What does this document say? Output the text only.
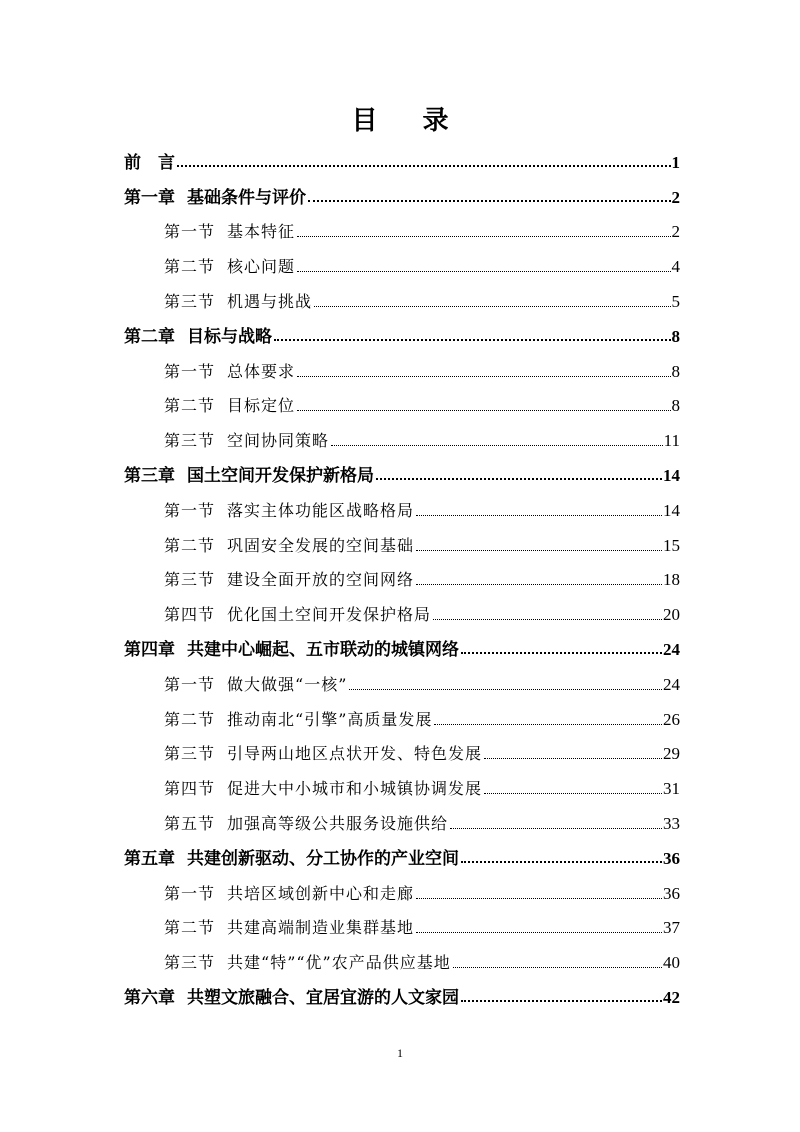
目 录
前　言	1
第一章 基础条件与评价	2
第一节 基本特征	2
第二节 核心问题	4
第三节 机遇与挑战	5
第二章 目标与战略	8
第一节 总体要求	8
第二节 目标定位	8
第三节 空间协同策略	11
第三章 国土空间开发保护新格局	14
第一节 落实主体功能区战略格局	14
第二节 巩固安全发展的空间基础	15
第三节 建设全面开放的空间网络	18
第四节 优化国土空间开发保护格局	20
第四章 共建中心崛起、五市联动的城镇网络	24
第一节 做大做强“一核”	24
第二节 推动南北“引擎”高质量发展	26
第三节 引导两山地区点状开发、特色发展	29
第四节 促进大中小城市和小城镇协调发展	31
第五节 加强高等级公共服务设施供给	33
第五章 共建创新驱动、分工协作的产业空间	36
第一节 共培区域创新中心和走廊	36
第二节 共建高端制造业集群基地	37
第三节 共建“特”“优”农产品供应基地	40
第六章 共塑文旅融合、宜居宜游的人文家园	42
1
